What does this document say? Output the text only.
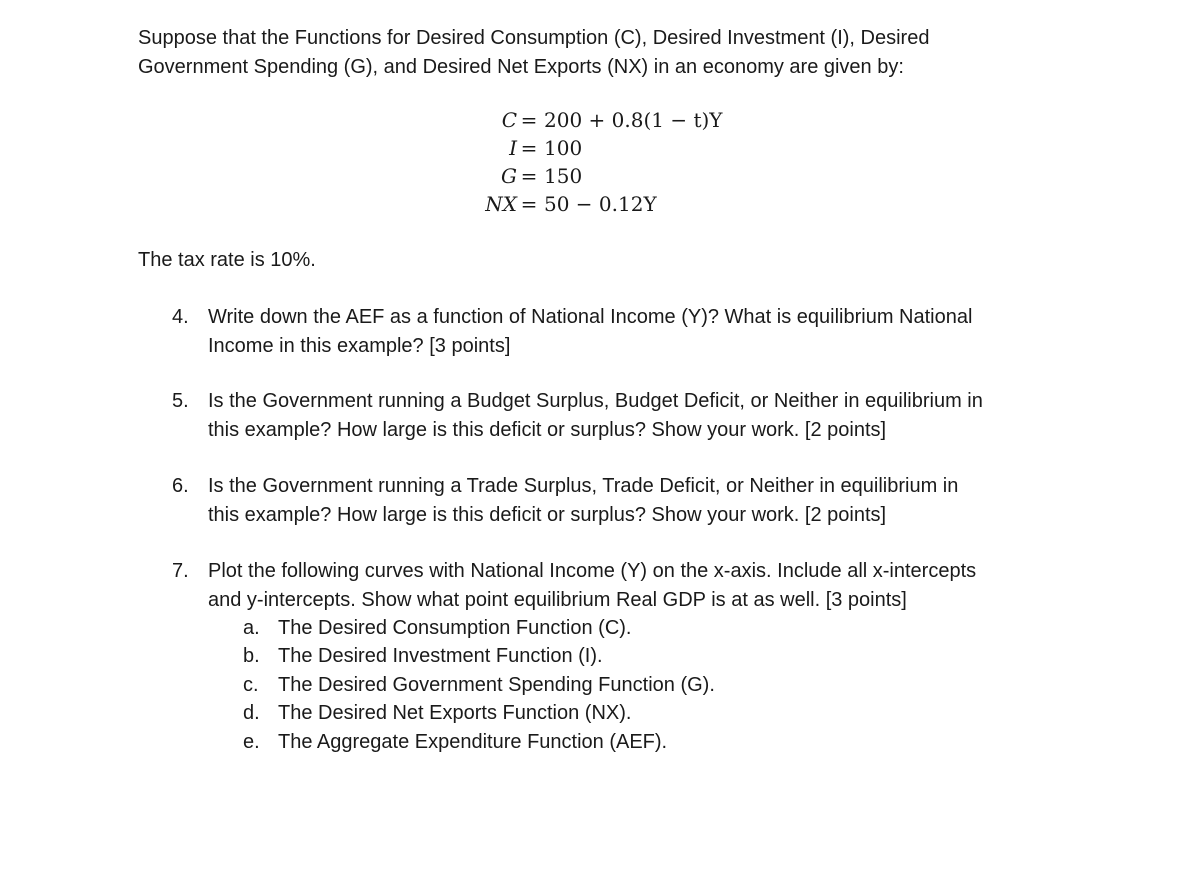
Suppose that the Functions for Desired Consumption (C), Desired Investment (I), Desired

Government Spending (G), and Desired Net Exports (NX) in an economy are given by:

C = 200 + 0.8(1 − t)Y
I = 100
G = 150
NX = 50 − 0.12Y
The tax rate is 10%.
4. Write down the AEF as a function of National Income (Y)? What is equilibrium National

Income in this example? [3 points]

5. Is the Government running a Budget Surplus, Budget Deficit, or Neither in equilibrium in

this example? How large is this deficit or surplus? Show your work. [2 points]

6. Is the Government running a Trade Surplus, Trade Deficit, or Neither in equilibrium in

this example? How large is this deficit or surplus? Show your work. [2 points]

7. Plot the following curves with National Income (Y) on the x-axis. Include all x-intercepts

and y-intercepts. Show what point equilibrium Real GDP is at as well. [3 points]

a. The Desired Consumption Function (C).
b. The Desired Investment Function (I).
c. The Desired Government Spending Function (G).
d. The Desired Net Exports Function (NX).
e. The Aggregate Expenditure Function (AEF).
